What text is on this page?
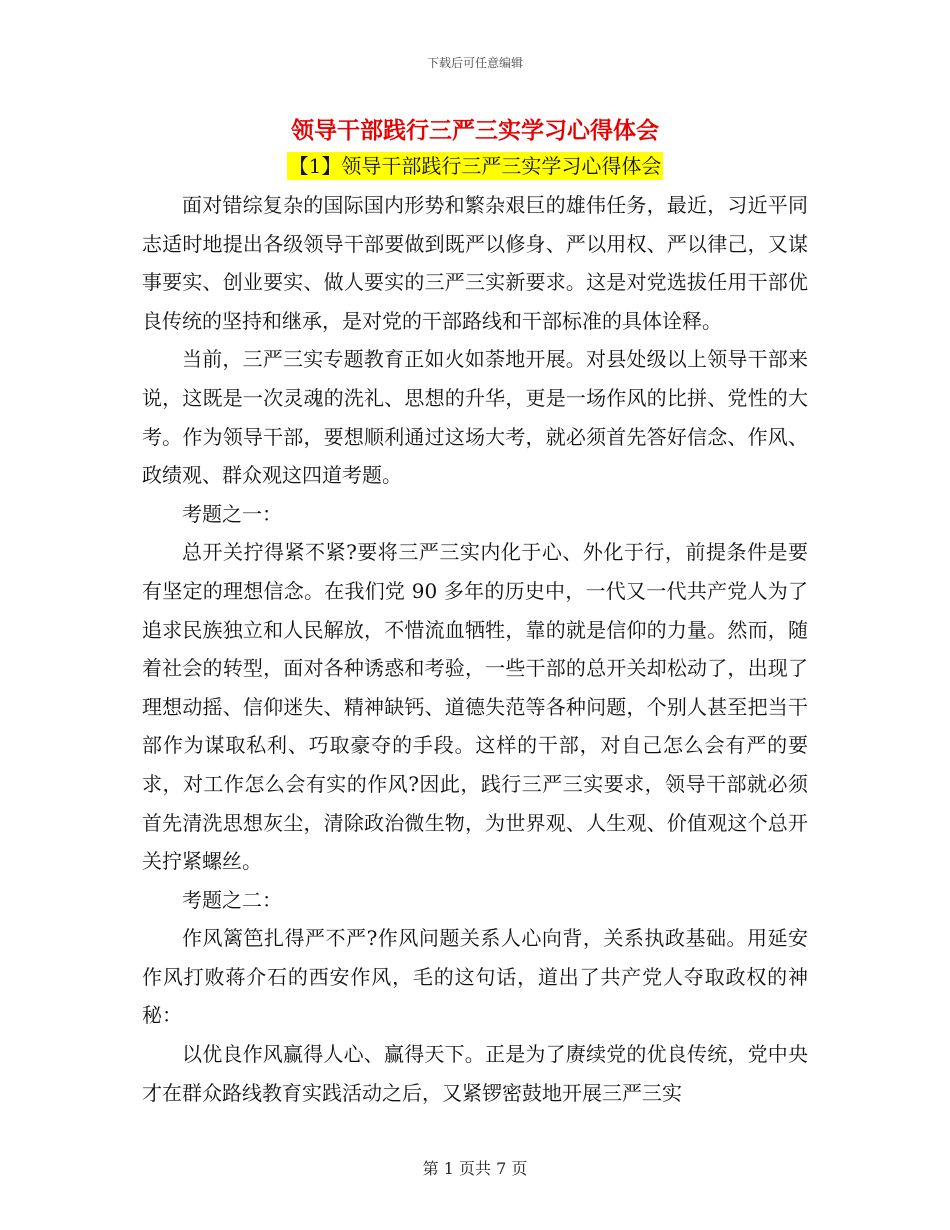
下载后可任意编辑
领导干部践行三严三实学习心得体会
【1】领导干部践行三严三实学习心得体会

面对错综复杂的国际国内形势和繁杂艰巨的雄伟任务，最近，习近平同志适时地提出各级领导干部要做到既严以修身、严以用权、严以律己，又谋事要实、创业要实、做人要实的三严三实新要求。这是对党选拔任用干部优良传统的坚持和继承，是对党的干部路线和干部标准的具体诠释。

当前，三严三实专题教育正如火如荼地开展。对县处级以上领导干部来说，这既是一次灵魂的洗礼、思想的升华，更是一场作风的比拼、党性的大考。作为领导干部，要想顺利通过这场大考，就必须首先答好信念、作风、政绩观、群众观这四道考题。

考题之一：

总开关拧得紧不紧?要将三严三实内化于心、外化于行，前提条件是要有坚定的理想信念。在我们党 90 多年的历史中，一代又一代共产党人为了追求民族独立和人民解放，不惜流血牺牲，靠的就是信仰的力量。然而，随着社会的转型，面对各种诱惑和考验，一些干部的总开关却松动了，出现了理想动摇、信仰迷失、精神缺钙、道德失范等各种问题，个别人甚至把当干部作为谋取私利、巧取豪夺的手段。这样的干部，对自己怎么会有严的要求，对工作怎么会有实的作风?因此，践行三严三实要求，领导干部就必须首先清洗思想灰尘，清除政治微生物，为世界观、人生观、价值观这个总开关拧紧螺丝。

考题之二：

作风篱笆扎得严不严?作风问题关系人心向背，关系执政基础。用延安作风打败蒋介石的西安作风，毛的这句话，道出了共产党人夺取政权的神秘：

以优良作风赢得人心、赢得天下。正是为了赓续党的优良传统，党中央才在群众路线教育实践活动之后，又紧锣密鼓地开展三严三实

第 1 页共 7 页
